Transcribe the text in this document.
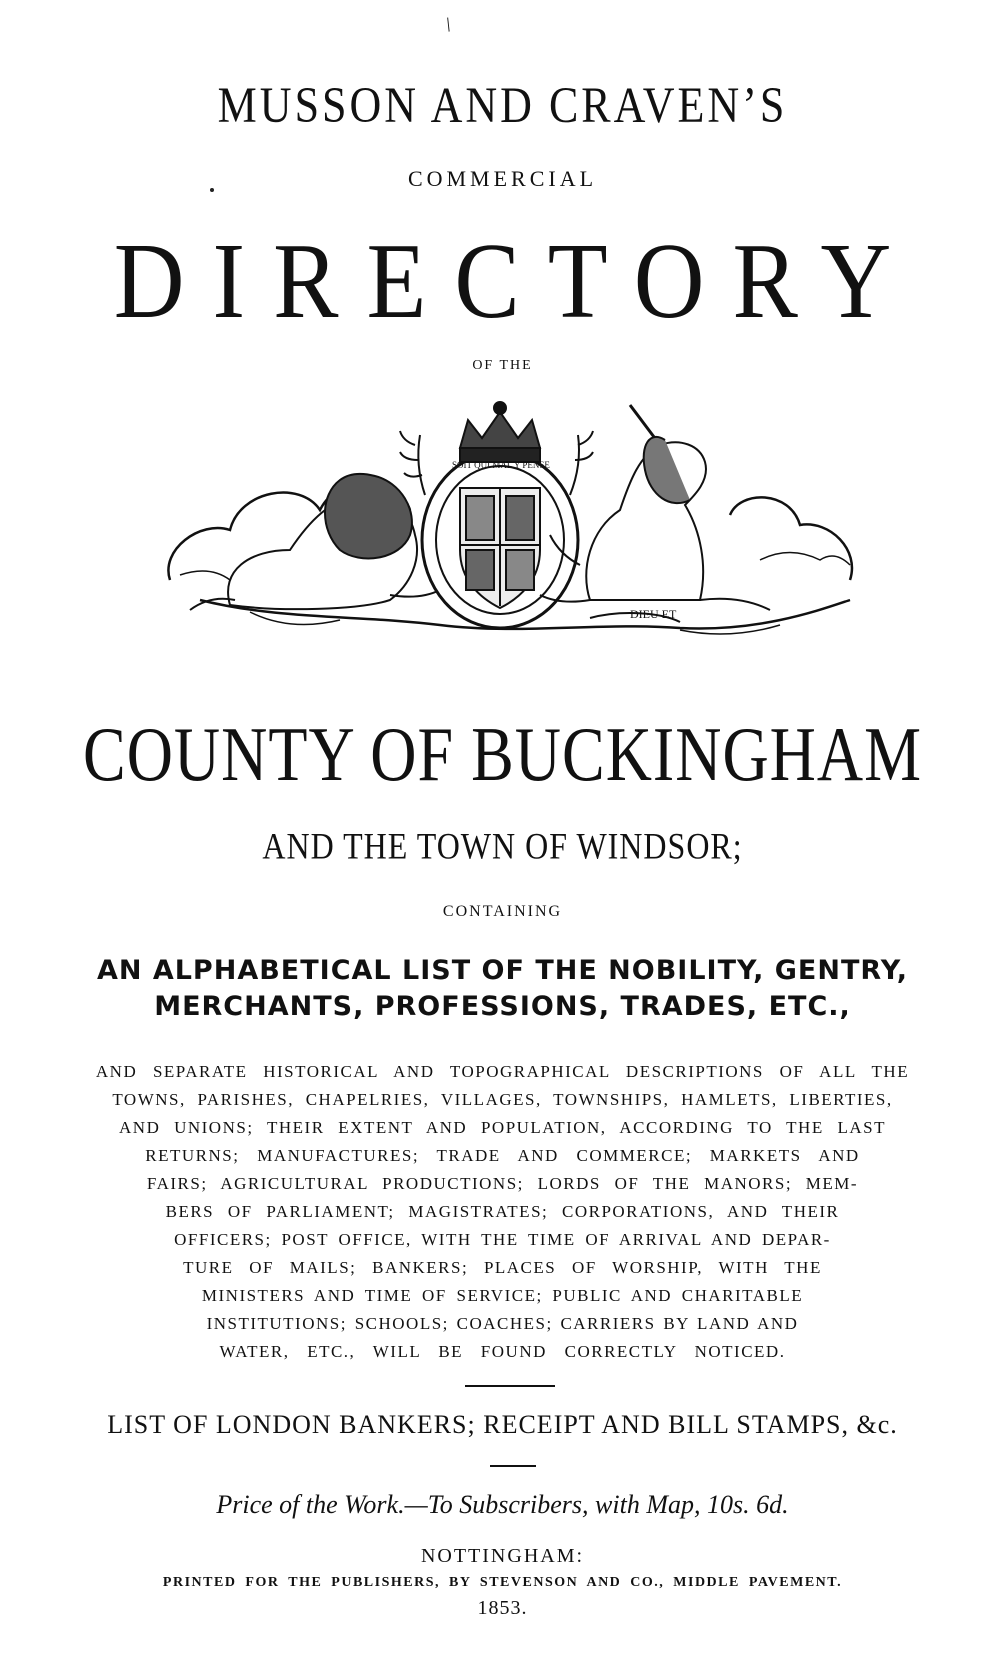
/
MUSSON AND CRAVEN’S
COMMERCIAL
DIRECTORY
OF THE
DIEU ET
SOIT QUI MAL Y PENSE
COUNTY OF BUCKINGHAM
AND THE TOWN OF WINDSOR;
CONTAINING
AN ALPHABETICAL LIST OF THE NOBILITY, GENTRY,
MERCHANTS, PROFESSIONS, TRADES, ETC.,
AND SEPARATE HISTORICAL AND TOPOGRAPHICAL DESCRIPTIONS OF ALL THE
TOWNS, PARISHES, CHAPELRIES, VILLAGES, TOWNSHIPS, HAMLETS, LIBERTIES,
AND UNIONS; THEIR EXTENT AND POPULATION, ACCORDING TO THE LAST
RETURNS; MANUFACTURES; TRADE AND COMMERCE; MARKETS AND
FAIRS; AGRICULTURAL PRODUCTIONS; LORDS OF THE MANORS; MEM-
BERS OF PARLIAMENT; MAGISTRATES; CORPORATIONS, AND THEIR
OFFICERS; POST OFFICE, WITH THE TIME OF ARRIVAL AND DEPAR-
TURE OF MAILS; BANKERS; PLACES OF WORSHIP, WITH THE
MINISTERS AND TIME OF SERVICE; PUBLIC AND CHARITABLE
INSTITUTIONS; SCHOOLS; COACHES; CARRIERS BY LAND AND
WATER, ETC., WILL BE FOUND CORRECTLY NOTICED.
LIST OF LONDON BANKERS; RECEIPT AND BILL STAMPS, &c.
Price of the Work.—To Subscribers, with Map, 10s. 6d.
NOTTINGHAM:
PRINTED FOR THE PUBLISHERS, BY STEVENSON AND CO., MIDDLE PAVEMENT.
1853.
